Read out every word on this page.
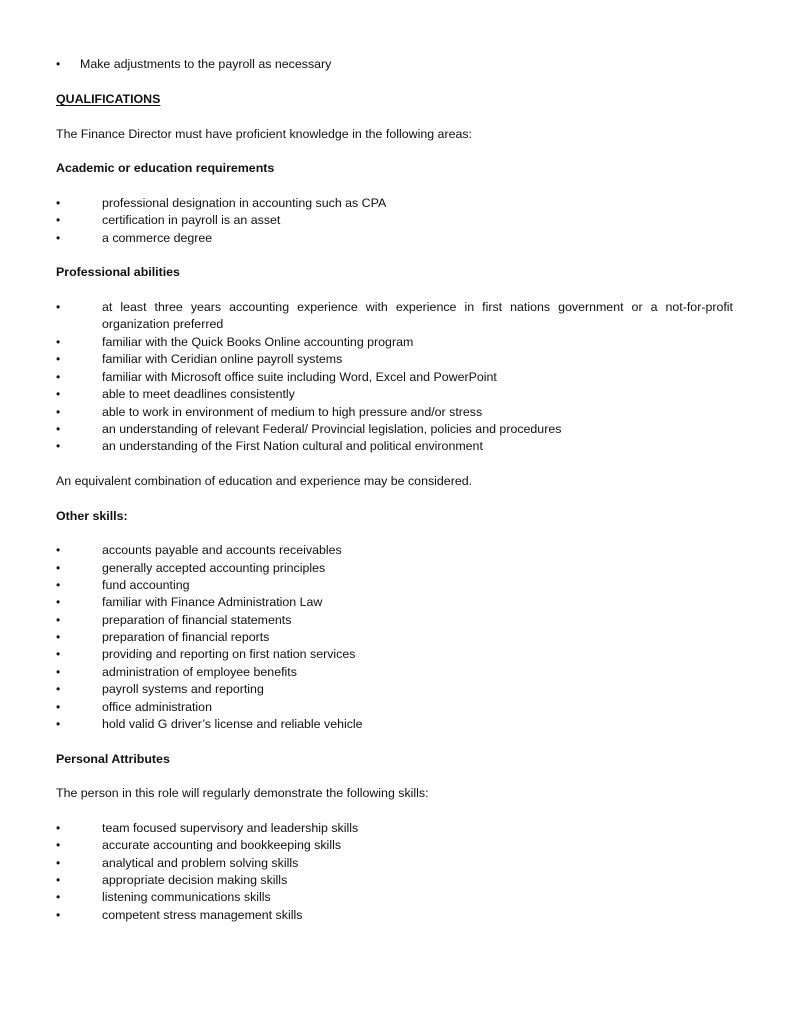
• Make adjustments to the payroll as necessary
QUALIFICATIONS
The Finance Director must have proficient knowledge in the following areas:
Academic or education requirements
•	professional designation in accounting such as CPA
•	certification in payroll is an asset
•	a commerce degree
Professional abilities
•	at least three years accounting experience with experience in first nations government or a not-for-profit organization preferred
•	familiar with the Quick Books Online accounting program
•	familiar with Ceridian online payroll systems
•	familiar with Microsoft office suite including Word, Excel and PowerPoint
•	able to meet deadlines consistently
•	able to work in environment of medium to high pressure and/or stress
•	an understanding of relevant Federal/ Provincial legislation, policies and procedures
•	an understanding of the First Nation cultural and political environment
An equivalent combination of education and experience may be considered.
Other skills:
•	accounts payable and accounts receivables
•	generally accepted accounting principles
•	fund accounting
•	familiar with Finance Administration Law
•	preparation of financial statements
•	preparation of financial reports
•	providing and reporting on first nation services
•	administration of employee benefits
•	payroll systems and reporting
•	office administration
•	hold valid G driver’s license and reliable vehicle
Personal Attributes
The person in this role will regularly demonstrate the following skills:
•	team focused supervisory and leadership skills
•	accurate accounting and bookkeeping skills
•	analytical and problem solving skills
•	appropriate decision making skills
•	listening communications skills
•	competent stress management skills
